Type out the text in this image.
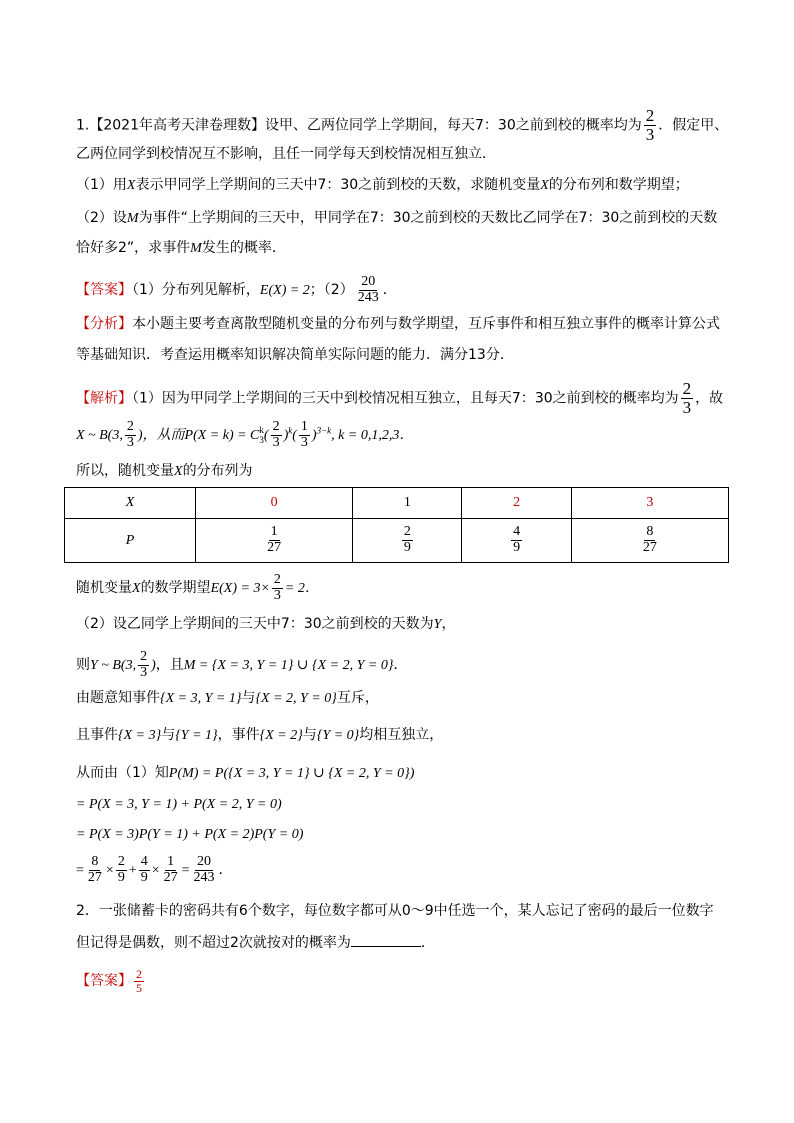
1.【2021年高考天津卷理数】设甲、乙两位同学上学期间，每天7：30之前到校的概率均为 $\frac{2}{3}$ ．假定甲、
乙两位同学到校情况互不影响，且任一同学每天到校情况相互独立．
（1）用X表示甲同学上学期间的三天中7：30之前到校的天数，求随机变量X的分布列和数学期望；
（2）设M为事件“上学期间的三天中，甲同学在7：30之前到校的天数比乙同学在7：30之前到校的天数
恰好多2”，求事件M发生的概率．
【答案】（1）分布列见解析，E(X) = 2；$(2) \frac{20}{243}$ ．
【分析】本小题主要考查离散型随机变量的分布列与数学期望，互斥事件和相互独立事件的概率计算公式
等基础知识．考查运用概率知识解决简单实际问题的能力．满分13分．
【解析】（1）因为甲同学上学期间的三天中到校情况相互独立，且每天7：30之前到校的概率均为 $\frac{2}{3}$ ，故
X ~ B(3, $\frac{2}{3}$ )，从而P(X = k) = C k
3 ( $\frac{2}{3} )^k( \frac{1}{3} )^{3-k}$, k = 0,1,2,3．
所以，随机变量X的分布列为
X	0	1	2	3
P	$\frac{1}{27}$	$\frac{2}{9}$	$\frac{4}{9}$	$\frac{8}{27}$
随机变量X的数学期望$E(X) = 3\times \frac{2}{3} = 2$．
（2）设乙同学上学期间的三天中7：30之前到校的天数为Y，
则Y ~ B(3, $\frac{2}{3}$ )，且M = {X = 3, Y = 1} ∪ {X = 2, Y = 0}．
由题意知事件{X = 3, Y = 1}与{X = 2, Y = 0}互斥，
且事件{X = 3}与{Y = 1}，事件{X = 2}与{Y = 0}均相互独立，
从而由（1）知P(M) = P({X = 3, Y = 1} ∪ {X = 2, Y = 0})
= P(X = 3, Y = 1) + P(X = 2, Y = 0)
= P(X = 3)P(Y = 1) + P(X = 2)P(Y = 0)
= $\frac{8}{27} \times \frac{2}{9} + \frac{4}{9} \times \frac{1}{27} = \frac{20}{243}$ ．
2．一张储蓄卡的密码共有6个数字，每位数字都可从0～9中任选一个，某人忘记了密码的最后一位数字
但记得是偶数，则不超过2次就按对的概率为	．
【答案】 $\frac{2}{5}$
